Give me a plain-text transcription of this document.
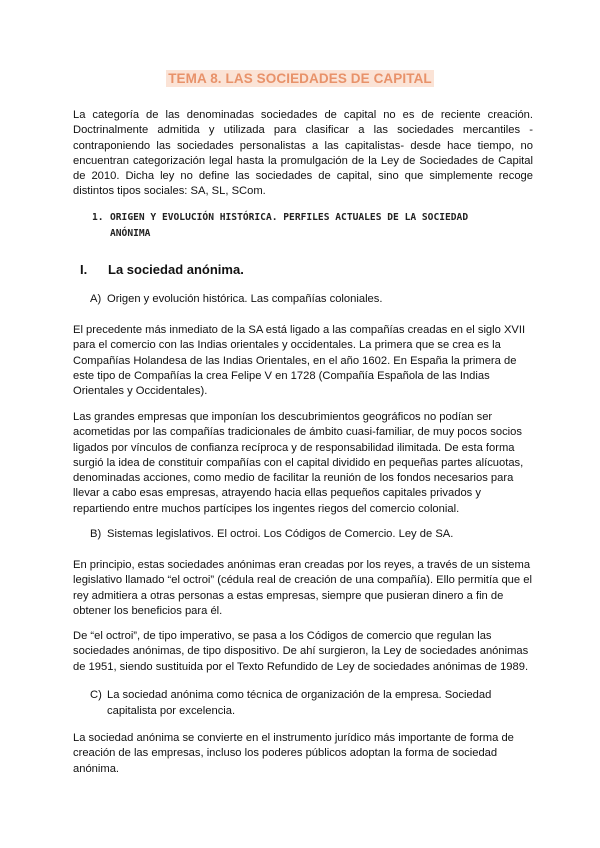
TEMA 8. LAS SOCIEDADES DE CAPITAL

La categoría de las denominadas sociedades de capital no es de reciente creación. Doctrinalmente admitida y utilizada para clasificar a las sociedades mercantiles - contraponiendo las sociedades personalistas a las capitalistas- desde hace tiempo, no encuentran categorización legal hasta la promulgación de la Ley de Sociedades de Capital de 2010. Dicha ley no define las sociedades de capital, sino que simplemente recoge distintos tipos sociales: SA, SL, SCom.

1. ORIGEN Y EVOLUCIÓN HISTÓRICA. PERFILES ACTUALES DE LA SOCIEDAD
ANÓNIMA
I. La sociedad anónima.
A) Origen y evolución histórica. Las compañías coloniales.

El precedente más inmediato de la SA está ligado a las compañías creadas en el siglo XVII para el comercio con las Indias orientales y occidentales. La primera que se crea es la Compañías Holandesa de las Indias Orientales, en el año 1602. En España la primera de este tipo de Compañías la crea Felipe V en 1728 (Compañía Española de las Indias Orientales y Occidentales).

Las grandes empresas que imponían los descubrimientos geográficos no podían ser acometidas por las compañías tradicionales de ámbito cuasi-familiar, de muy pocos socios ligados por vínculos de confianza recíproca y de responsabilidad ilimitada. De esta forma surgió la idea de constituir compañías con el capital dividido en pequeñas partes alícuotas, denominadas acciones, como medio de facilitar la reunión de los fondos necesarios para llevar a cabo esas empresas, atrayendo hacia ellas pequeños capitales privados y repartiendo entre muchos partícipes los ingentes riegos del comercio colonial.

B) Sistemas legislativos. El octroi. Los Códigos de Comercio. Ley de SA.

En principio, estas sociedades anónimas eran creadas por los reyes, a través de un sistema legislativo llamado “el octroi” (cédula real de creación de una compañía). Ello permitía que el rey admitiera a otras personas a estas empresas, siempre que pusieran dinero a fin de obtener los beneficios para él.

De “el octroi”, de tipo imperativo, se pasa a los Códigos de comercio que regulan las sociedades anónimas, de tipo dispositivo. De ahí surgieron, la Ley de sociedades anónimas de 1951, siendo sustituida por el Texto Refundido de Ley de sociedades anónimas de 1989.

C) La sociedad anónima como técnica de organización de la empresa. Sociedad
capitalista por excelencia.

La sociedad anónima se convierte en el instrumento jurídico más importante de forma de creación de las empresas, incluso los poderes públicos adoptan la forma de sociedad anónima.
